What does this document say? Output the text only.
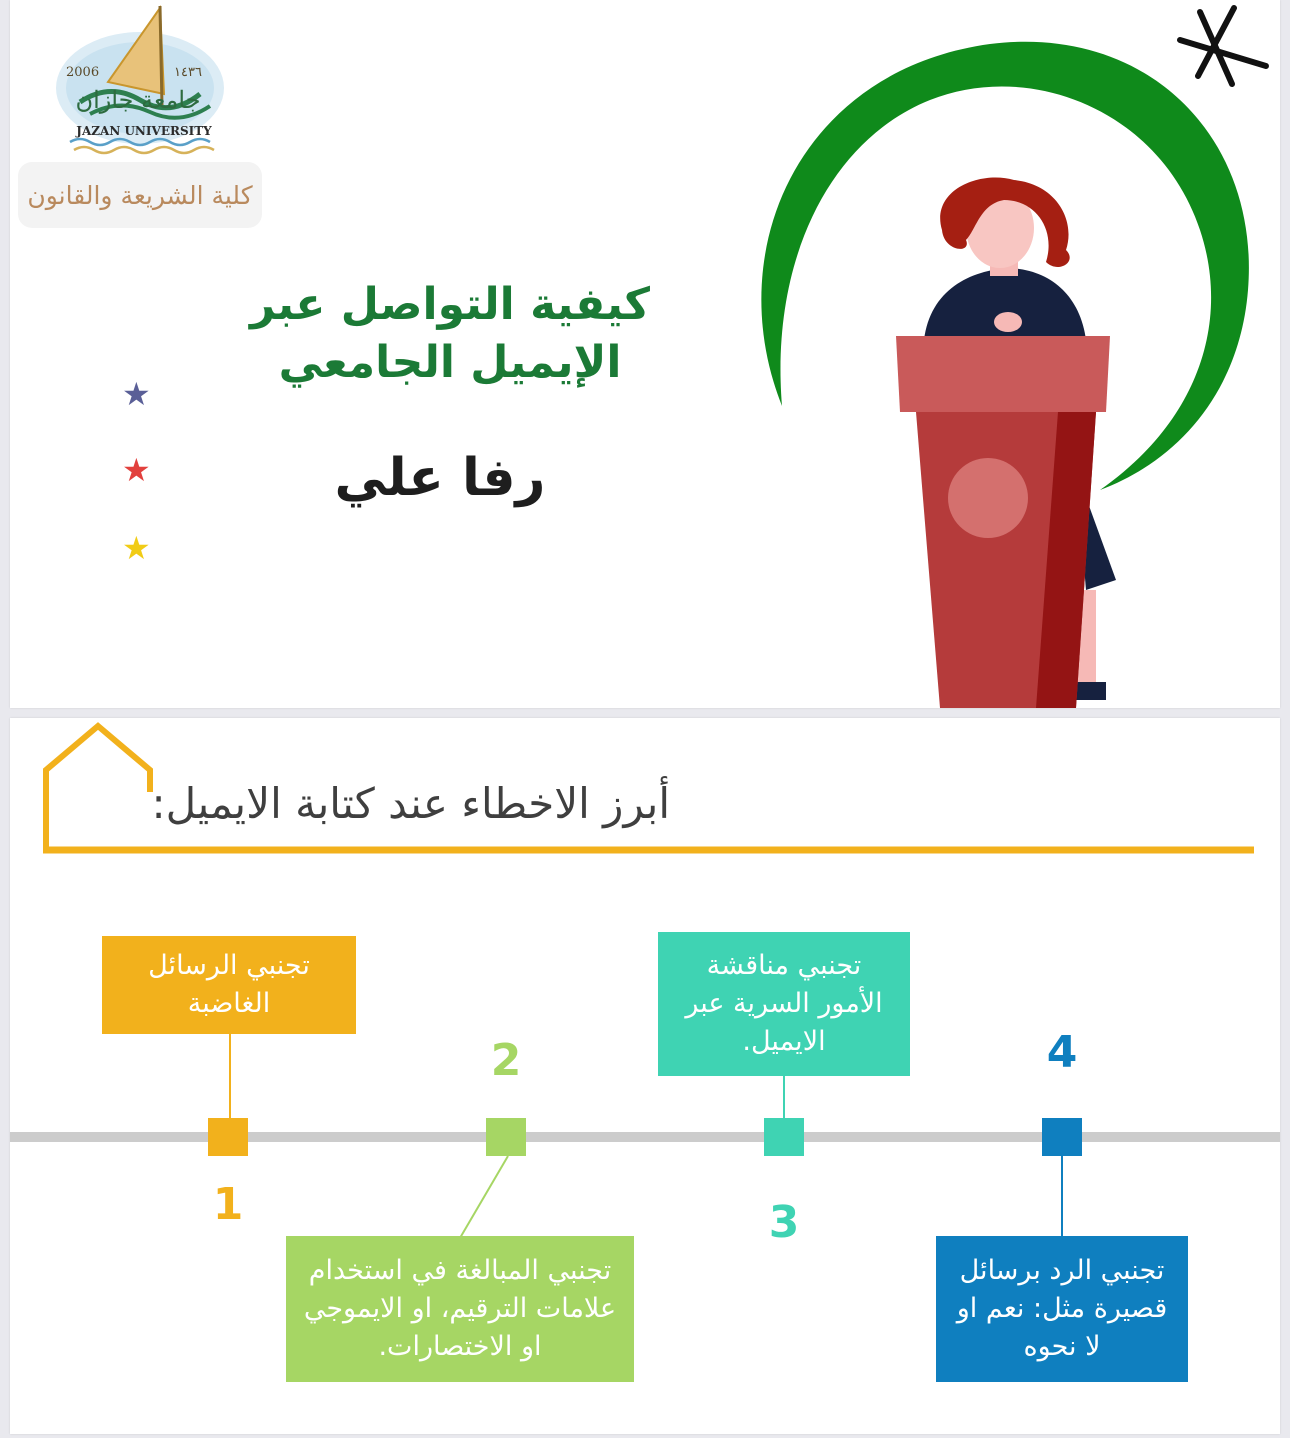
2006	١٤٣٦
جامعة جازان
JAZAN UNIVERSITY
كلية الشريعة والقانون
كيفية التواصل عبر الإيميل الجامعي
رفا علي
★
★
★
أبرز الاخطاء عند كتابة الايميل:
تجنبي الرسائل الغاضبة
1
2
تجنبي المبالغة في استخدام علامات الترقيم، او الايموجي او الاختصارات.
تجنبي مناقشة الأمور السرية عبر الايميل.
3
4
تجنبي الرد برسائل قصيرة مثل: نعم او لا نحوه
